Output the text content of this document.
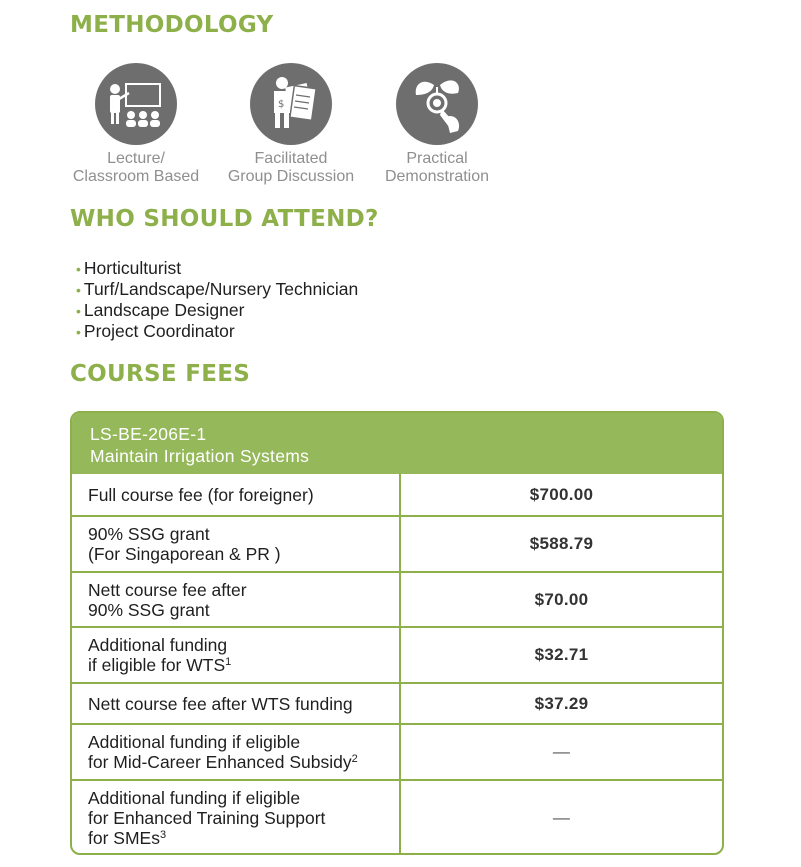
METHODOLOGY
Lecture/
Classroom Based
$
Facilitated
Group Discussion
Practical
Demonstration
WHO SHOULD ATTEND?
• Horticulturist
• Turf/Landscape/Nursery Technician
• Landscape Designer
• Project Coordinator
COURSE FEES
LS-BE-206E-1
Maintain Irrigation Systems
Full course fee (for foreigner)	$700.00
90% SSG grant
(For Singaporean & PR )	$588.79
Nett course fee after
90% SSG grant	$70.00
Additional funding
if eligible for WTS$^1$	$32.71
Nett course fee after WTS funding	$37.29
Additional funding if eligible
for Mid-Career Enhanced Subsidy$^2$	—
Additional funding if eligible
for Enhanced Training Support
for SMEs$^3$	—
